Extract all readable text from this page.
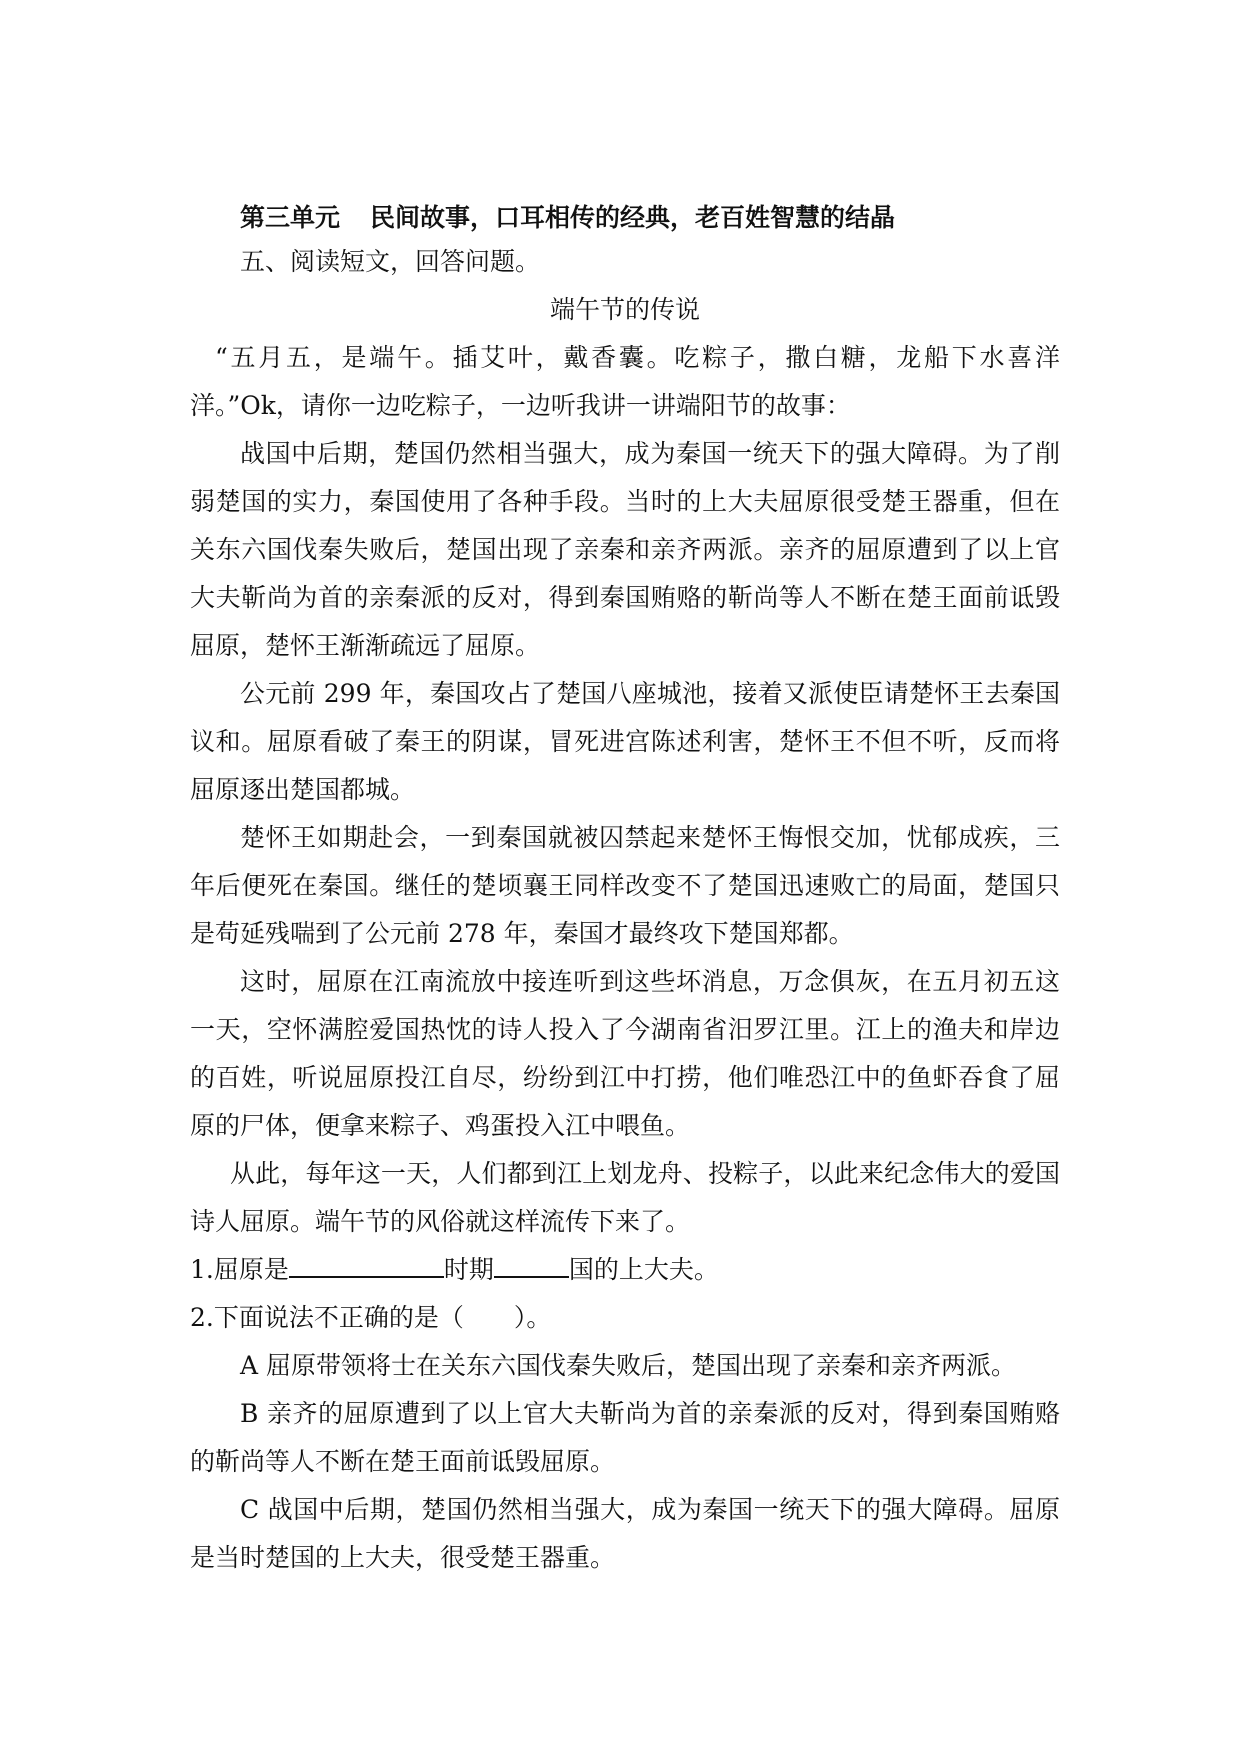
第三单元 民间故事，口耳相传的经典，老百姓智慧的结晶

五、阅读短文，回答问题。

端午节的传说

“五月五，是端午。插艾叶，戴香囊。吃粽子，撒白糖，龙船下水喜洋洋。”Ok，请你一边吃粽子，一边听我讲一讲端阳节的故事：

战国中后期，楚国仍然相当强大，成为秦国一统天下的强大障碍。为了削弱楚国的实力，秦国使用了各种手段。当时的上大夫屈原很受楚王器重，但在关东六国伐秦失败后，楚国出现了亲秦和亲齐两派。亲齐的屈原遭到了以上官大夫靳尚为首的亲秦派的反对，得到秦国贿赂的靳尚等人不断在楚王面前诋毁屈原，楚怀王渐渐疏远了屈原。

公元前 299 年，秦国攻占了楚国八座城池，接着又派使臣请楚怀王去秦国议和。屈原看破了秦王的阴谋，冒死进宫陈述利害，楚怀王不但不听，反而将屈原逐出楚国都城。

楚怀王如期赴会，一到秦国就被囚禁起来楚怀王悔恨交加，忧郁成疾，三年后便死在秦国。继任的楚顷襄王同样改变不了楚国迅速败亡的局面，楚国只是苟延残喘到了公元前 278 年，秦国才最终攻下楚国郑都。

这时，屈原在江南流放中接连听到这些坏消息，万念俱灰，在五月初五这一天，空怀满腔爱国热忱的诗人投入了今湖南省汨罗江里。江上的渔夫和岸边的百姓，听说屈原投江自尽，纷纷到江中打捞，他们唯恐江中的鱼虾吞食了屈原的尸体，便拿来粽子、鸡蛋投入江中喂鱼。

从此，每年这一天，人们都到江上划龙舟、投粽子，以此来纪念伟大的爱国诗人屈原。端午节的风俗就这样流传下来了。

1.屈原是	时期	国的上大夫。

2.下面说法不正确的是（　　）。

A 屈原带领将士在关东六国伐秦失败后，楚国出现了亲秦和亲齐两派。

B 亲齐的屈原遭到了以上官大夫靳尚为首的亲秦派的反对，得到秦国贿赂的靳尚等人不断在楚王面前诋毁屈原。

C 战国中后期，楚国仍然相当强大，成为秦国一统天下的强大障碍。屈原是当时楚国的上大夫，很受楚王器重。
